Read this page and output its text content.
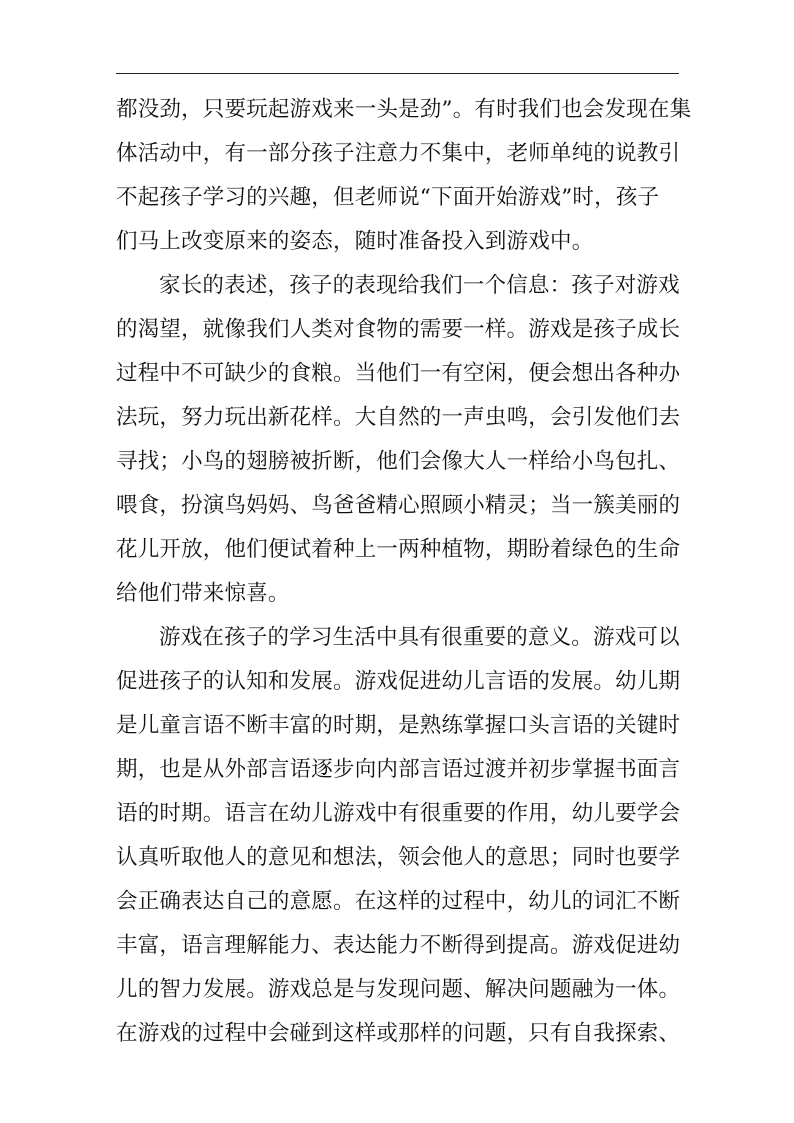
都没劲，只要玩起游戏来一头是劲”。有时我们也会发现在集
体活动中，有一部分孩子注意力不集中，老师单纯的说教引
不起孩子学习的兴趣，但老师说“下面开始游戏”时，孩子
们马上改变原来的姿态，随时准备投入到游戏中。
家长的表述，孩子的表现给我们一个信息：孩子对游戏
的渴望，就像我们人类对食物的需要一样。游戏是孩子成长
过程中不可缺少的食粮。当他们一有空闲，便会想出各种办
法玩，努力玩出新花样。大自然的一声虫鸣，会引发他们去
寻找；小鸟的翅膀被折断，他们会像大人一样给小鸟包扎、
喂食，扮演鸟妈妈、鸟爸爸精心照顾小精灵；当一簇美丽的
花儿开放，他们便试着种上一两种植物，期盼着绿色的生命
给他们带来惊喜。
游戏在孩子的学习生活中具有很重要的意义。游戏可以
促进孩子的认知和发展。游戏促进幼儿言语的发展。幼儿期
是儿童言语不断丰富的时期，是熟练掌握口头言语的关键时
期，也是从外部言语逐步向内部言语过渡并初步掌握书面言
语的时期。语言在幼儿游戏中有很重要的作用，幼儿要学会
认真听取他人的意见和想法，领会他人的意思；同时也要学
会正确表达自己的意愿。在这样的过程中，幼儿的词汇不断
丰富，语言理解能力、表达能力不断得到提高。游戏促进幼
儿的智力发展。游戏总是与发现问题、解决问题融为一体。
在游戏的过程中会碰到这样或那样的问题，只有自我探索、
